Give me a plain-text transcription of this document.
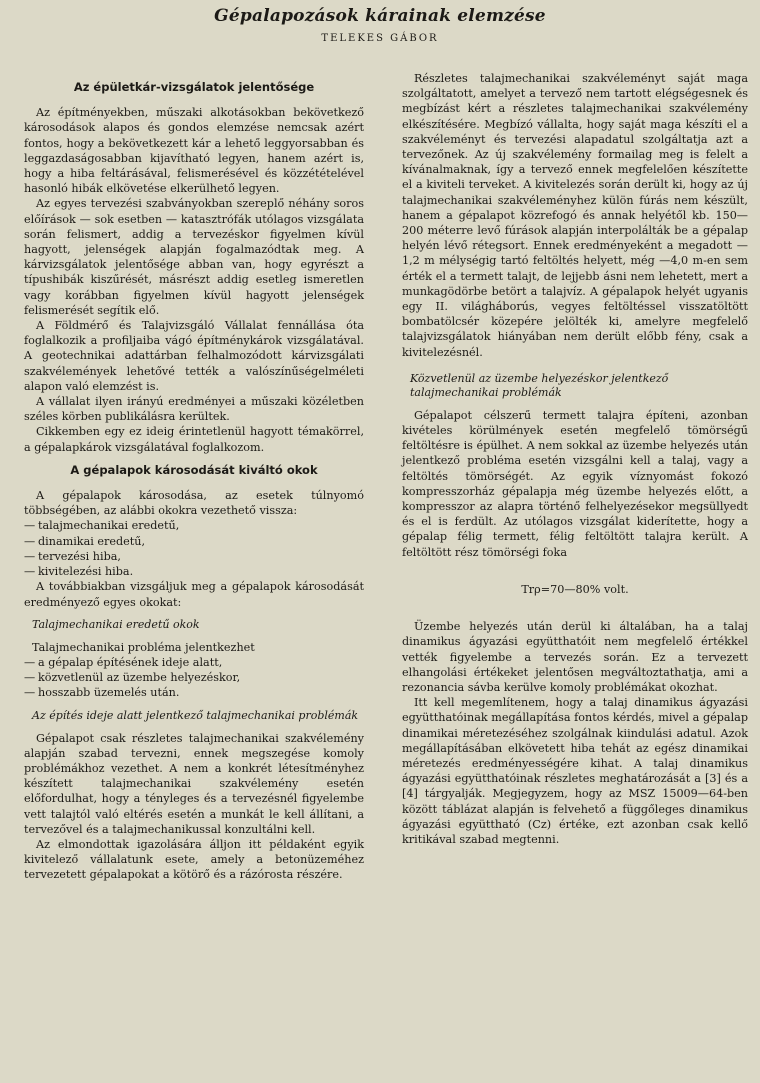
Gépalapozások kárainak elemzése
TELEKES GÁBOR
Az épületkár-vizsgálatok jelentősége

Az építményekben, műszaki alkotásokban bekövetkező károsodások alapos és gondos elemzése nemcsak azért fontos, hogy a bekövetkezett kár a lehető leggyorsabban és leggazdaságosabban kijavítható legyen, hanem azért is, hogy a hiba feltárásával, felismerésével és közzétételével hasonló hibák elkövetése elkerülhető legyen.

Az egyes tervezési szabványokban szereplő néhány soros előírások — sok esetben — katasztrófák utólagos vizsgálata során felismert, addig a tervezéskor figyelmen kívül hagyott, jelenségek alapján fogalmazódtak meg. A kárvizsgálatok jelentősége abban van, hogy egyrészt a típushibák kiszűrését, másrészt addig esetleg ismeretlen vagy korábban figyelmen kívül hagyott jelenségek felismerését segítik elő.

A Földmérő és Talajvizsgáló Vállalat fennállása óta foglalkozik a profiljaiba vágó építménykárok vizsgálatával. A geotechnikai adattárban felhalmozódott kárvizsgálati szakvélemények lehetővé tették a valószínűségelméleti alapon való elemzést is.

A vállalat ilyen irányú eredményei a műszaki közéletben széles körben publikálásra kerültek.

Cikkemben egy ez ideig érintetlenül hagyott témakörrel, a gépalapkárok vizsgálatával foglalkozom.

A gépalapok károsodását kiváltó okok

A gépalapok károsodása, az esetek túlnyomó többségében, az alábbi okokra vezethető vissza:

— talajmechanikai eredetű,
— dinamikai eredetű,
— tervezési hiba,
— kivitelezési hiba.

A továbbiakban vizsgáljuk meg a gépalapok károsodását eredményező egyes okokat:

Talajmechanikai eredetű okok

Talajmechanikai probléma jelentkezhet

— a gépalap építésének ideje alatt,
— közvetlenül az üzembe helyezéskor,
— hosszabb üzemelés után.
Az építés ideje alatt jelentkező talajmechanikai problémák

Gépalapot csak részletes talajmechanikai szakvélemény alapján szabad tervezni, ennek megszegése komoly problémákhoz vezethet. A nem a konkrét létesítményhez készített talajmechanikai szakvélemény esetén előfordulhat, hogy a tényleges és a tervezésnél figyelembe vett talajtól való eltérés esetén a munkát le kell állítani, a tervezővel és a talajmechanikussal konzultálni kell.

Az elmondottak igazolására álljon itt példaként egyik kivitelező vállalatunk esete, amely a betonüzeméhez tervezetett gépalapokat a kötörő és a rázórosta részére.

Részletes talajmechanikai szakvéleményt saját maga szolgáltatott, amelyet a tervező nem tartott elégségesnek és megbízást kért a részletes talajmechanikai szakvélemény elkészítésére. Megbízó vállalta, hogy saját maga készíti el a szakvéleményt és tervezési alapadatul szolgáltatja azt a tervezőnek. Az új szakvélemény formailag meg is felelt a kívánalmaknak, így a tervező ennek megfelelően készítette el a kiviteli terveket. A kivitelezés során derült ki, hogy az új talajmechanikai szakvéleményhez külön fúrás nem készült, hanem a gépalapot közrefogó és annak helyétől kb. 150—200 méterre levő fúrások alapján interpolálták be a gépalap helyén lévő rétegsort. Ennek eredményeként a megadott —1,2 m mélységig tartó feltöltés helyett, még —4,0 m-en sem érték el a termett talajt, de lejjebb ásni nem lehetett, mert a munkagödörbe betört a talajvíz. A gépalapok helyét ugyanis egy II. világháborús, vegyes feltöltéssel visszatöltött bombatölcsér közepére jelölték ki, amelyre megfelelő talajvizsgálatok hiányában nem derült előbb fény, csak a kivitelezésnél.

Közvetlenül az üzembe helyezéskor jelentkező talajmechanikai problémák

Gépalapot célszerű termett talajra építeni, azonban kivételes körülmények esetén megfelelő tömörségű feltöltésre is épülhet. A nem sokkal az üzembe helyezés után jelentkező probléma esetén vizsgálni kell a talaj, vagy a feltöltés tömörségét. Az egyik víznyomást fokozó kompresszorház gépalapja még üzembe helyezés előtt, a kompresszor az alapra történő felhelyezésekor megsüllyedt és el is ferdült. Az utólagos vizsgálat kiderítette, hogy a gépalap félig termett, félig feltöltött talajra került. A feltöltött rész tömörségi foka

Trρ=70—80% volt.

Üzembe helyezés után derül ki általában, ha a talaj dinamikus ágyazási együtthatóit nem megfelelő értékkel vették figyelembe a tervezés során. Ez a tervezett elhangolási értékeket jelentősen megváltoztathatja, ami a rezonancia sávba kerülve komoly problémákat okozhat.

Itt kell megemlítenem, hogy a talaj dinamikus ágyazási együtthatóinak megállapítása fontos kérdés, mivel a gépalap dinamikai méretezéséhez szolgálnak kiindulási adatul. Azok megállapításában elkövetett hiba tehát az egész dinamikai méretezés eredményességére kihat. A talaj dinamikus ágyazási együtthatóinak részletes meghatározását a [3] és a [4] tárgyalják. Megjegyzem, hogy az MSZ 15009—64-ben között táblázat alapján is felvehető a függőleges dinamikus ágyazási együttható (Cz) értéke, ezt azonban csak kellő kritikával szabad megtenni.
